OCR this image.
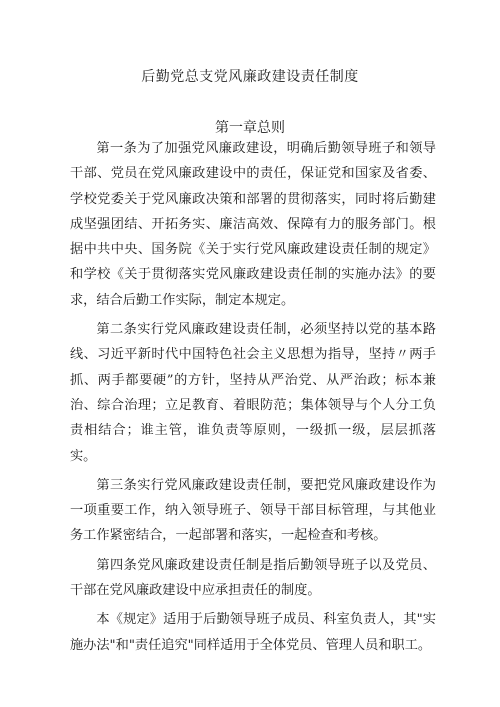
后勤党总支党风廉政建设责任制度
第一章总则

第一条为了加强党风廉政建设，明确后勤领导班子和领导干部、党员在党风廉政建设中的责任，保证党和国家及省委、学校党委关于党风廉政决策和部署的贯彻落实，同时将后勤建成坚强团结、开拓务实、廉洁高效、保障有力的服务部门。根据中共中央、国务院《关于实行党风廉政建设责任制的规定》和学校《关于贯彻落实党风廉政建设责任制的实施办法》的要求，结合后勤工作实际，制定本规定。

第二条实行党风廉政建设责任制，必须坚持以党的基本路线、习近平新时代中国特色社会主义思想为指导，坚持〃两手抓、两手都要硬”的方针，坚持从严治党、从严治政；标本兼治、综合治理；立足教育、着眼防范；集体领导与个人分工负责相结合；谁主管，谁负责等原则，一级抓一级，层层抓落实。

第三条实行党风廉政建设责任制，要把党风廉政建设作为一项重要工作，纳入领导班子、领导干部目标管理，与其他业务工作紧密结合，一起部署和落实，一起检查和考核。

第四条党风廉政建设责任制是指后勤领导班子以及党员、干部在党风廉政建设中应承担责任的制度。

本《规定》适用于后勤领导班子成员、科室负责人，其"实施办法"和"责任追究"同样适用于全体党员、管理人员和职工。
